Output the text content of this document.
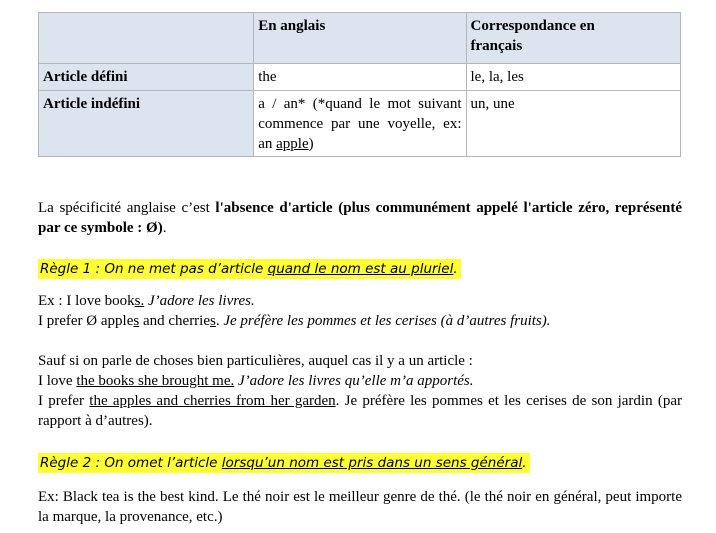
	En anglais	Correspondance en
français
Article défini	the	le, la, les
Article indéfini	a / an* (*quand le mot suivant commence par une voyelle, ex: an apple)	un, une
La spécificité anglaise c’est l'absence d'article (plus communément appelé l'article zéro, représenté par ce symbole : Ø).
Règle 1 : On ne met pas d’article quand le nom est au pluriel.
Ex : I love books. J’adore les livres.
I prefer Ø apples and cherries. Je préfère les pommes et les cerises (à d’autres fruits).
Sauf si on parle de choses bien particulières, auquel cas il y a un article :
I love the books she brought me. J’adore les livres qu’elle m’a apportés.
I prefer the apples and cherries from her garden. Je préfère les pommes et les cerises de son jardin (par rapport à d’autres).
Règle 2 : On omet l’article lorsqu’un nom est pris dans un sens général.
Ex: Black tea is the best kind. Le thé noir est le meilleur genre de thé. (le thé noir en général, peut importe la marque, la provenance, etc.)
